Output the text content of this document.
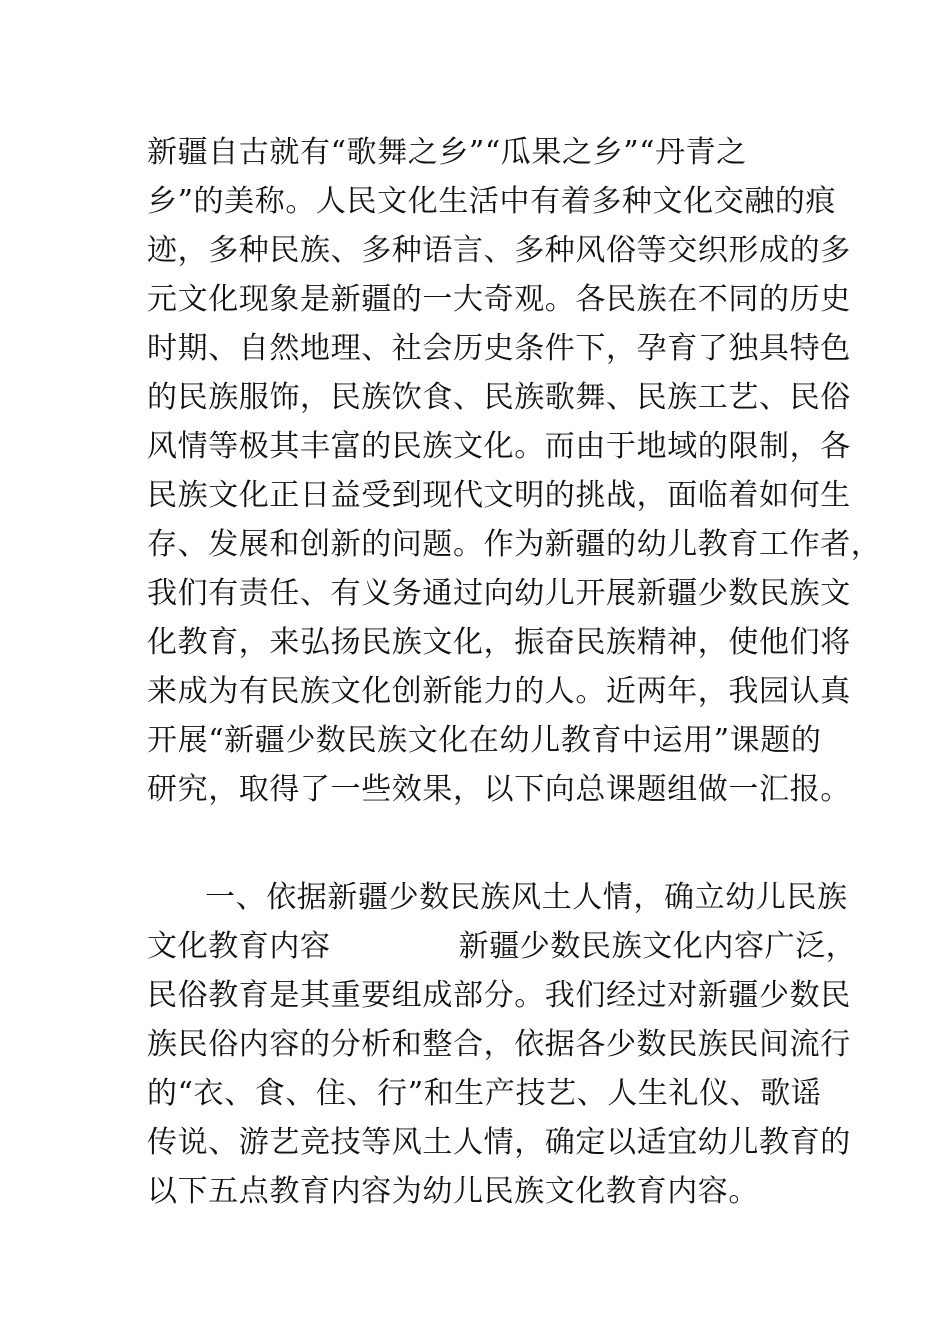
新疆自古就有“歌舞之乡”“瓜果之乡”“丹青之
乡”的美称。人民文化生活中有着多种文化交融的痕
迹，多种民族、多种语言、多种风俗等交织形成的多
元文化现象是新疆的一大奇观。各民族在不同的历史
时期、自然地理、社会历史条件下，孕育了独具特色
的民族服饰，民族饮食、民族歌舞、民族工艺、民俗
风情等极其丰富的民族文化。而由于地域的限制，各
民族文化正日益受到现代文明的挑战，面临着如何生
存、发展和创新的问题。作为新疆的幼儿教育工作者，
我们有责任、有义务通过向幼儿开展新疆少数民族文
化教育，来弘扬民族文化，振奋民族精神，使他们将
来成为有民族文化创新能力的人。近两年，我园认真
开展“新疆少数民族文化在幼儿教育中运用”课题的
研究，取得了一些效果，以下向总课题组做一汇报。
一、依据新疆少数民族风土人情，确立幼儿民族
文化教育内容	新疆少数民族文化内容广泛，
民俗教育是其重要组成部分。我们经过对新疆少数民
族民俗内容的分析和整合，依据各少数民族民间流行
的“衣、食、住、行”和生产技艺、人生礼仪、歌谣
传说、游艺竞技等风土人情，确定以适宜幼儿教育的
以下五点教育内容为幼儿民族文化教育内容。
